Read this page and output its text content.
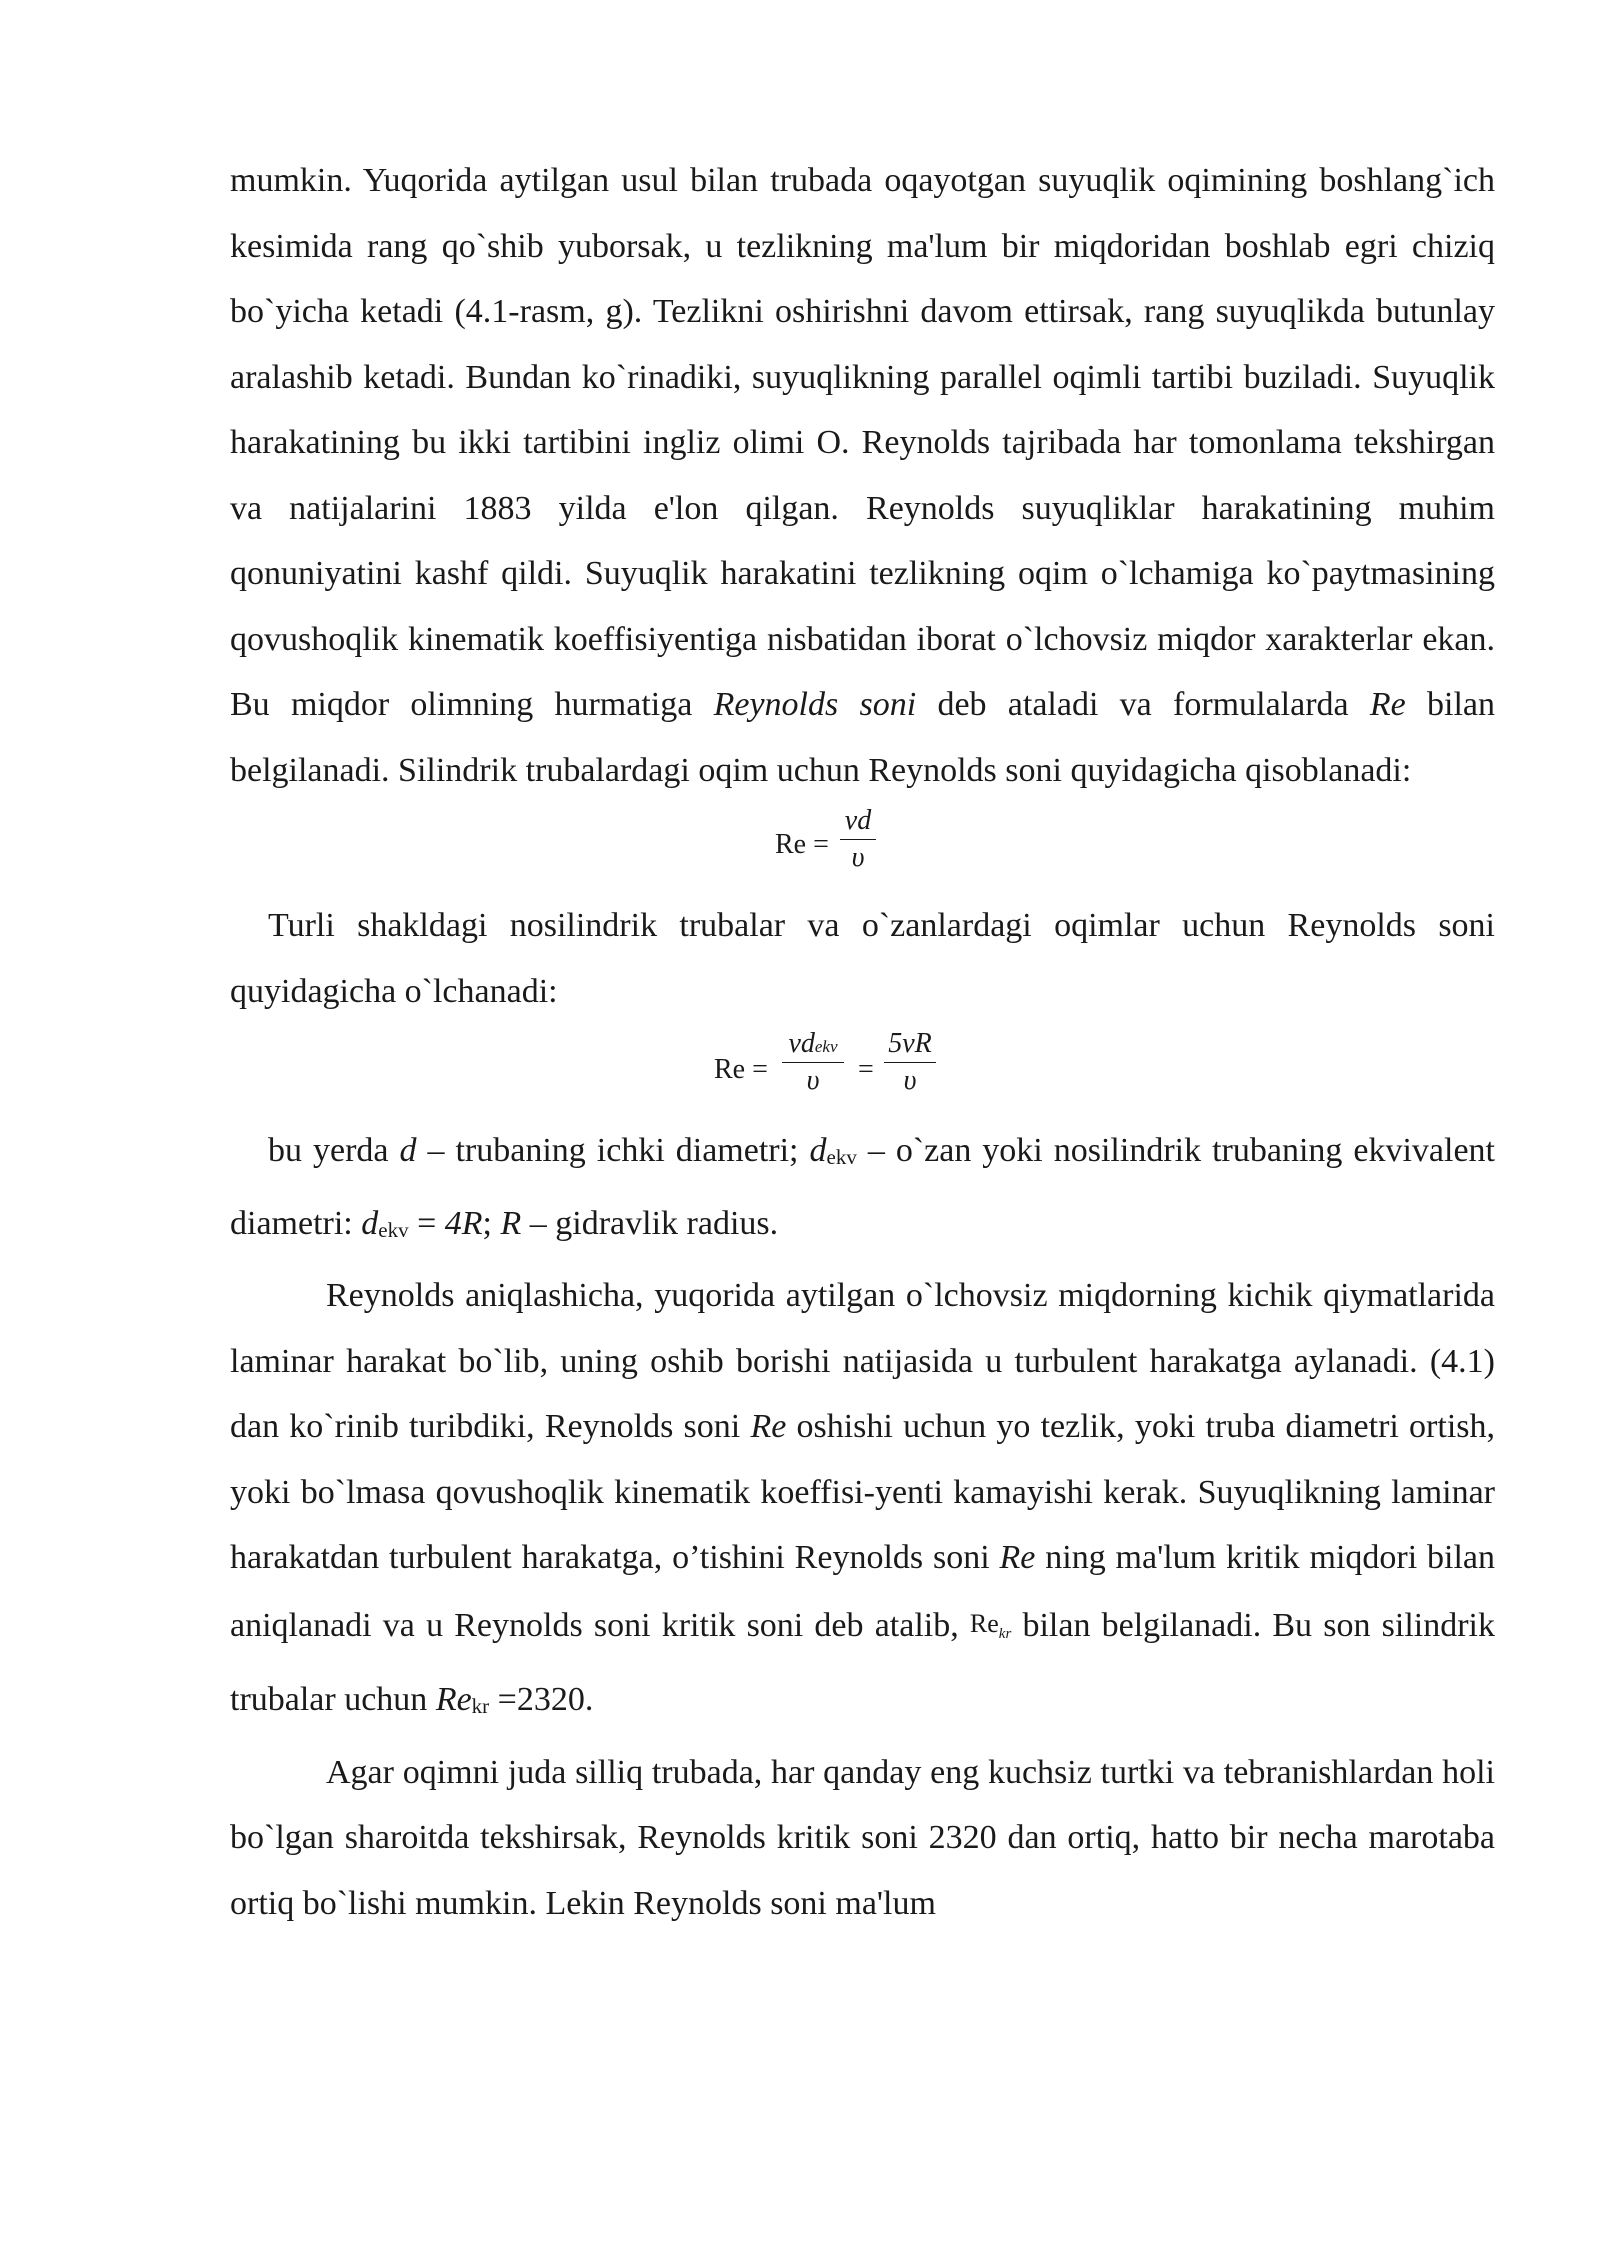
mumkin. Yuqorida aytilgan usul bilan trubada oqayotgan suyuqlik oqimining boshlang`ich kesimida rang qo`shib yuborsak, u tezlikning ma'lum bir miqdoridan boshlab egri chiziq bo`yicha ketadi (4.1-rasm, g). Tezlikni oshirishni davom ettirsak, rang suyuqlikda butunlay aralashib ketadi. Bundan ko`rinadiki, suyuqlikning parallel oqimli tartibi buziladi. Suyuqlik harakatining bu ikki tartibini ingliz olimi O. Reynolds tajribada har tomonlama tekshirgan va natijalarini 1883 yilda e'lon qilgan. Reynolds suyuqliklar harakatining muhim qonuniyatini kashf qildi. Suyuqlik harakatini tezlikning oqim o`lchamiga ko`paytmasining qovushoqlik kinematik koeffisiyentiga nisbatidan iborat o`lchovsiz miqdor xarakterlar ekan. Bu miqdor olimning hurmatiga Reynolds soni deb ataladi va formulalarda Re bilan belgilanadi. Silindrik trubalardagi oqim uchun Reynolds soni quyidagicha qisoblanadi:

Re =
vd
υ

Turli shakldagi nosilindrik trubalar va o`zanlardagi oqimlar uchun Reynolds soni quyidagicha o`lchanadi:

Re =
vdekv
υ	=
5vR
υ

bu yerda d – trubaning ichki diametri; $d_{ekv}$ – o`zan yoki nosilindrik trubaning ekvivalent diametri: $d_{ekv} = 4R$; R – gidravlik radius.

Reynolds aniqlashicha, yuqorida aytilgan o`lchovsiz miqdorning kichik qiymatlarida laminar harakat bo`lib, uning oshib borishi natijasida u turbulent harakatga aylanadi. (4.1) dan ko`rinib turibdiki, Reynolds soni Re oshishi uchun yo tezlik, yoki truba diametri ortish, yoki bo`lmasa qovushoqlik kinematik koeffisi-yenti kamayishi kerak. Suyuqlikning laminar harakatdan turbulent harakatga, o’tishini Reynolds soni Re ning ma'lum kritik miqdori bilan aniqlanadi va u Reynolds soni kritik soni deb atalib, $Re_{kr}$ bilan belgilanadi. Bu son silindrik trubalar uchun $Re_{kr} =2320$.

Agar oqimni juda silliq trubada, har qanday eng kuchsiz turtki va tebranishlardan holi bo`lgan sharoitda tekshirsak, Reynolds kritik soni 2320 dan ortiq, hatto bir necha marotaba ortiq bo`lishi mumkin. Lekin Reynolds soni ma'lum
